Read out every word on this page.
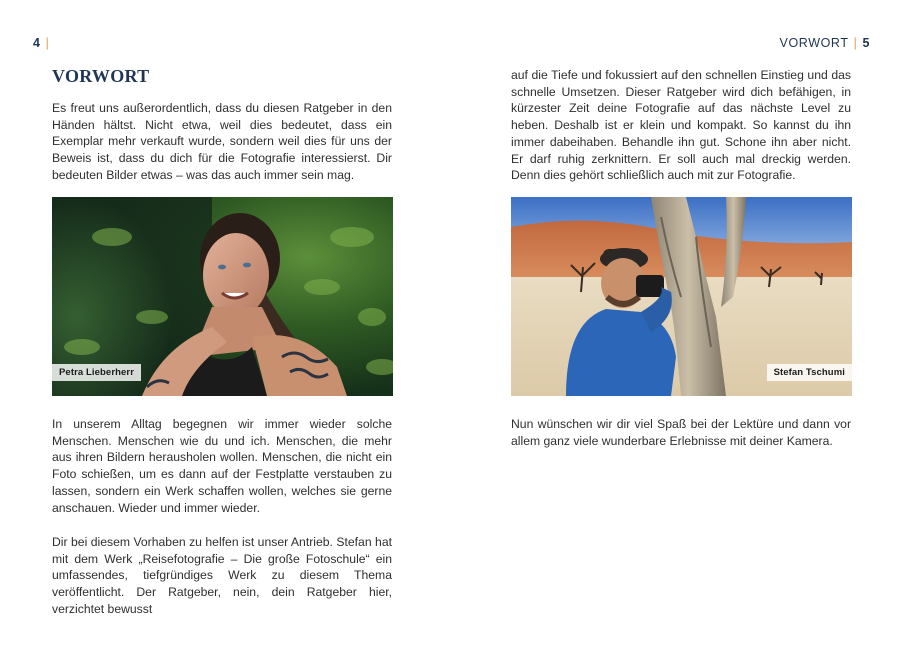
4 |
VORWORT

Es freut uns außerordentlich, dass du diesen Ratgeber in den Händen hältst. Nicht etwa, weil dies bedeutet, dass ein Exemplar mehr verkauft wurde, sondern weil dies für uns der Beweis ist, dass du dich für die Fotografie interessierst. Dir bedeuten Bilder etwas – was das auch immer sein mag.

Petra Lieberherr

In unserem Alltag begegnen wir immer wieder solche Menschen. Menschen wie du und ich. Menschen, die mehr aus ihren Bildern herausholen wollen. Menschen, die nicht ein Foto schießen, um es dann auf der Festplatte verstauben zu lassen, sondern ein Werk schaffen wollen, welches sie gerne anschauen. Wieder und immer wieder.

Dir bei diesem Vorhaben zu helfen ist unser Antrieb. Stefan hat mit dem Werk „Reisefotografie – Die große Fotoschule“ ein umfassendes, tiefgründiges Werk zu diesem Thema veröffentlicht. Der Ratgeber, nein, dein Ratgeber hier, verzichtet bewusst

VORWORT | 5

auf die Tiefe und fokussiert auf den schnellen Einstieg und das schnelle Umsetzen. Dieser Ratgeber wird dich befähigen, in kürzester Zeit deine Fotografie auf das nächste Level zu heben. Deshalb ist er klein und kompakt. So kannst du ihn immer dabeihaben. Behandle ihn gut. Schone ihn aber nicht. Er darf ruhig zerknittern. Er soll auch mal dreckig werden. Denn dies gehört schließlich auch mit zur Fotografie.

Stefan Tschumi

Nun wünschen wir dir viel Spaß bei der Lektüre und dann vor allem ganz viele wunderbare Erlebnisse mit deiner Kamera.
